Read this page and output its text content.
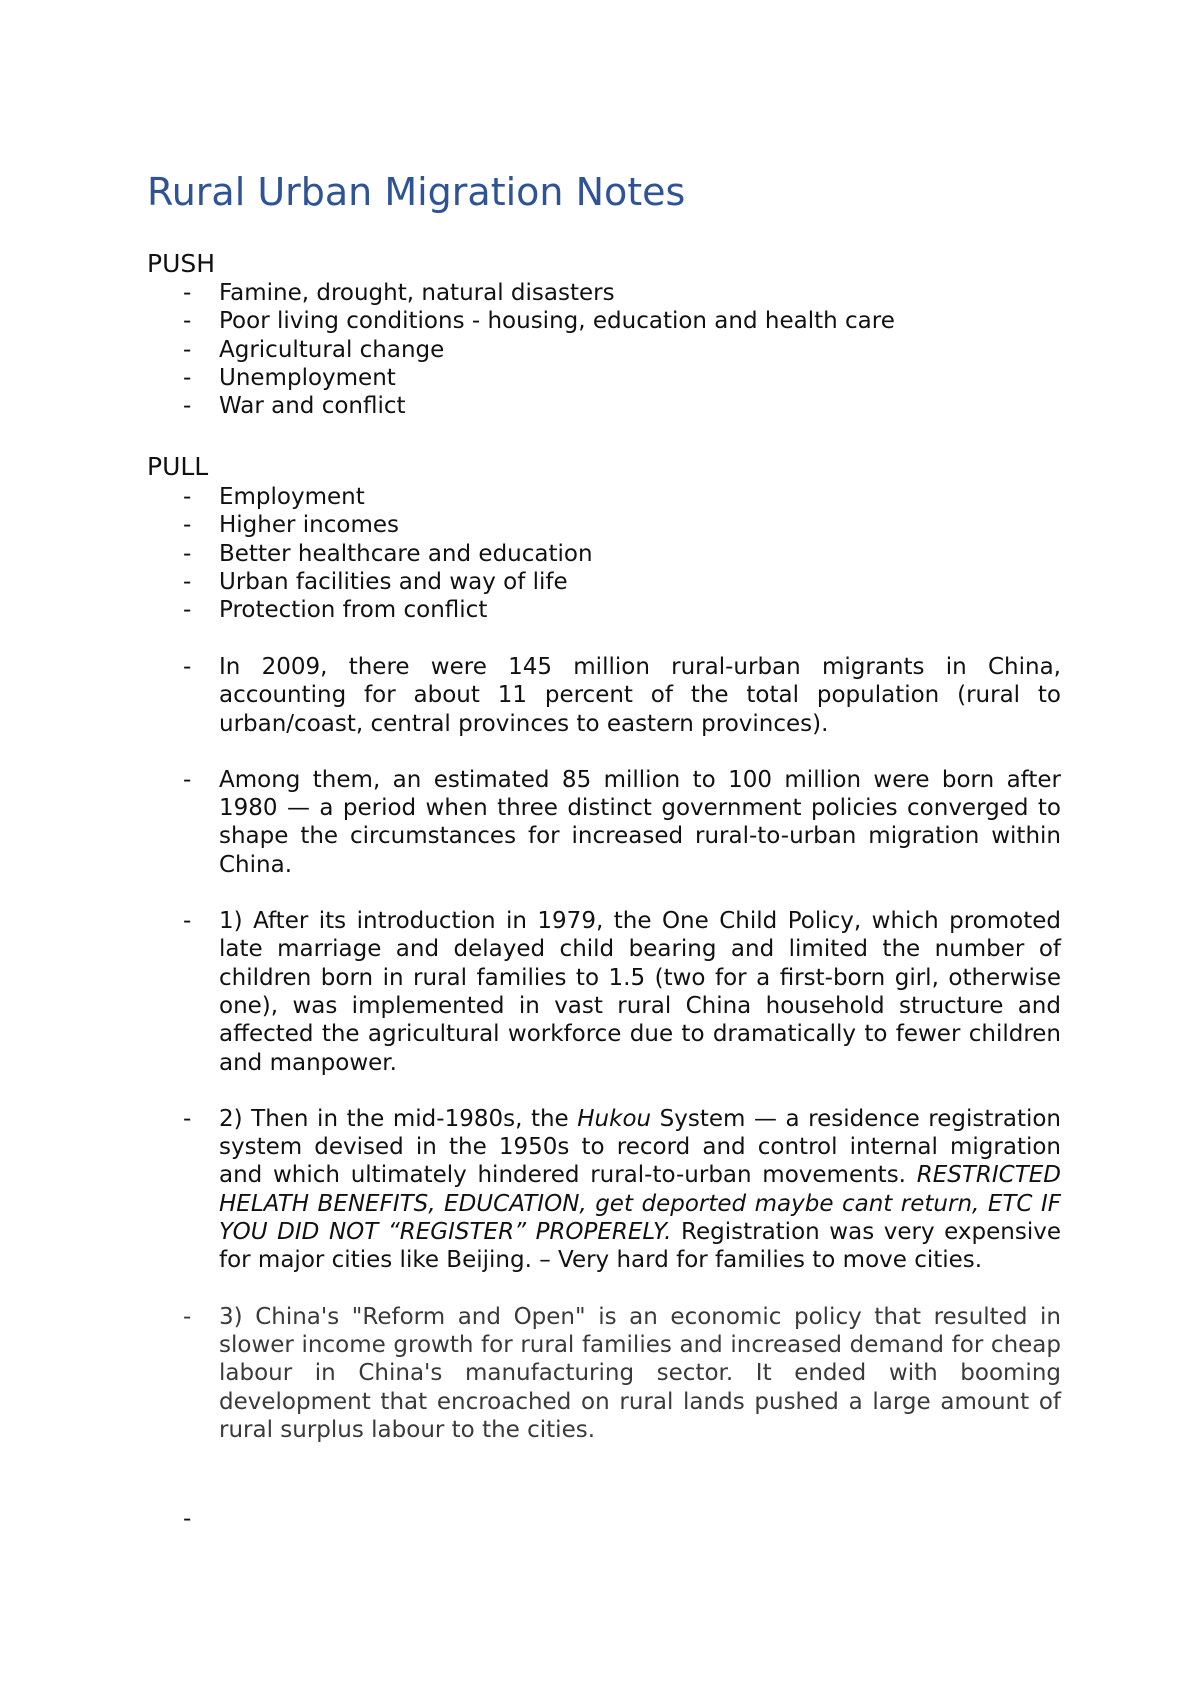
Rural Urban Migration Notes
PUSH
- Famine, drought, natural disasters
- Poor living conditions - housing, education and health care
- Agricultural change
- Unemployment
- War and conflict
PULL
- Employment
- Higher incomes
- Better healthcare and education
- Urban facilities and way of life
- Protection from conflict
- In 2009, there were 145 million rural-urban migrants in China, accounting for about 11 percent of the total population (rural to urban/coast, central provinces to eastern provinces).
- Among them, an estimated 85 million to 100 million were born after 1980 — a period when three distinct government policies converged to shape the circumstances for increased rural-to-urban migration within China.
- 1) After its introduction in 1979, the One Child Policy, which promoted late marriage and delayed child bearing and limited the number of children born in rural families to 1.5 (two for a first-born girl, otherwise one), was implemented in vast rural China household structure and affected the agricultural workforce due to dramatically to fewer children and manpower.
- 2) Then in the mid-1980s, the Hukou System — a residence registration system devised in the 1950s to record and control internal migration and which ultimately hindered rural-to-urban movements. RESTRICTED HELATH BENEFITS, EDUCATION, get deported maybe cant return, ETC IF YOU DID NOT “REGISTER” PROPERELY. Registration was very expensive for major cities like Beijing. – Very hard for families to move cities.
- 3) China's "Reform and Open" is an economic policy that resulted in slower income growth for rural families and increased demand for cheap labour in China's manufacturing sector. It ended with booming development that encroached on rural lands pushed a large amount of rural surplus labour to the cities.
-
